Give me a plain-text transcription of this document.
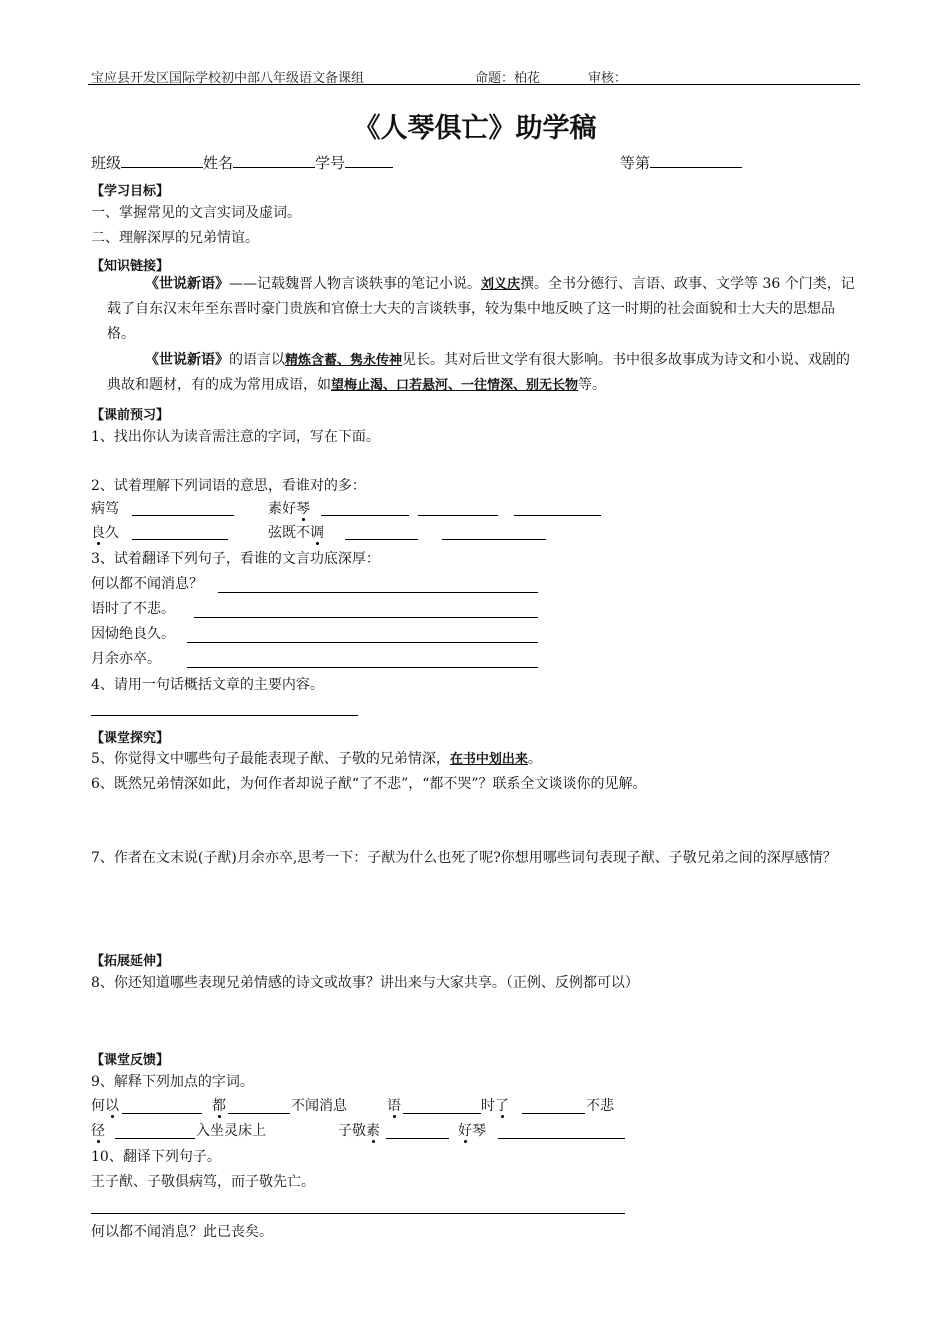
宝应县开发区国际学校初中部八年级语文备课组	命题：柏花	审核：
《人琴俱亡》助学稿
班级	姓名	学号	等第
【学习目标】
一、掌握常见的文言实词及虚词。
二、理解深厚的兄弟情谊。
【知识链接】
《世说新语》——记载魏晋人物言谈轶事的笔记小说。刘义庆撰。全书分德行、言语、政事、文学等 36 个门类，记载了自东汉末年至东晋时豪门贵族和官僚士大夫的言谈轶事，较为集中地反映了这一时期的社会面貌和士大夫的思想品格。
《世说新语》的语言以精炼含蓄、隽永传神见长。其对后世文学有很大影响。书中很多故事成为诗文和小说、戏剧的典故和题材，有的成为常用成语，如望梅止渴、口若悬河、一往情深、别无长物等。
【课前预习】
1、找出你认为读音需注意的字词，写在下面。
2、试着理解下列词语的意思，看谁对的多：
病笃	素好琴
良久	弦既不调
3、试着翻译下列句子，看谁的文言功底深厚：
何以都不闻消息？
语时了不悲。
因恸绝良久。
月余亦卒。
4、请用一句话概括文章的主要内容。
【课堂探究】
5、你觉得文中哪些句子最能表现子猷、子敬的兄弟情深，在书中划出来。
6、既然兄弟情深如此，为何作者却说子猷“了不悲”，“都不哭”？联系全文谈谈你的见解。
7、作者在文末说(子猷)月余亦卒,思考一下：子猷为什么也死了呢?你想用哪些词句表现子猷、子敬兄弟之间的深厚感情？
【拓展延伸】
8、你还知道哪些表现兄弟情感的诗文或故事？讲出来与大家共享。（正例、反例都可以）
【课堂反馈】
9、解释下列加点的字词。
何以	都	不闻消息	语	时了	不悲
径	入坐灵床上	子敬素	好琴
10、翻译下列句子。
王子猷、子敬俱病笃，而子敬先亡。
何以都不闻消息？此已丧矣。
